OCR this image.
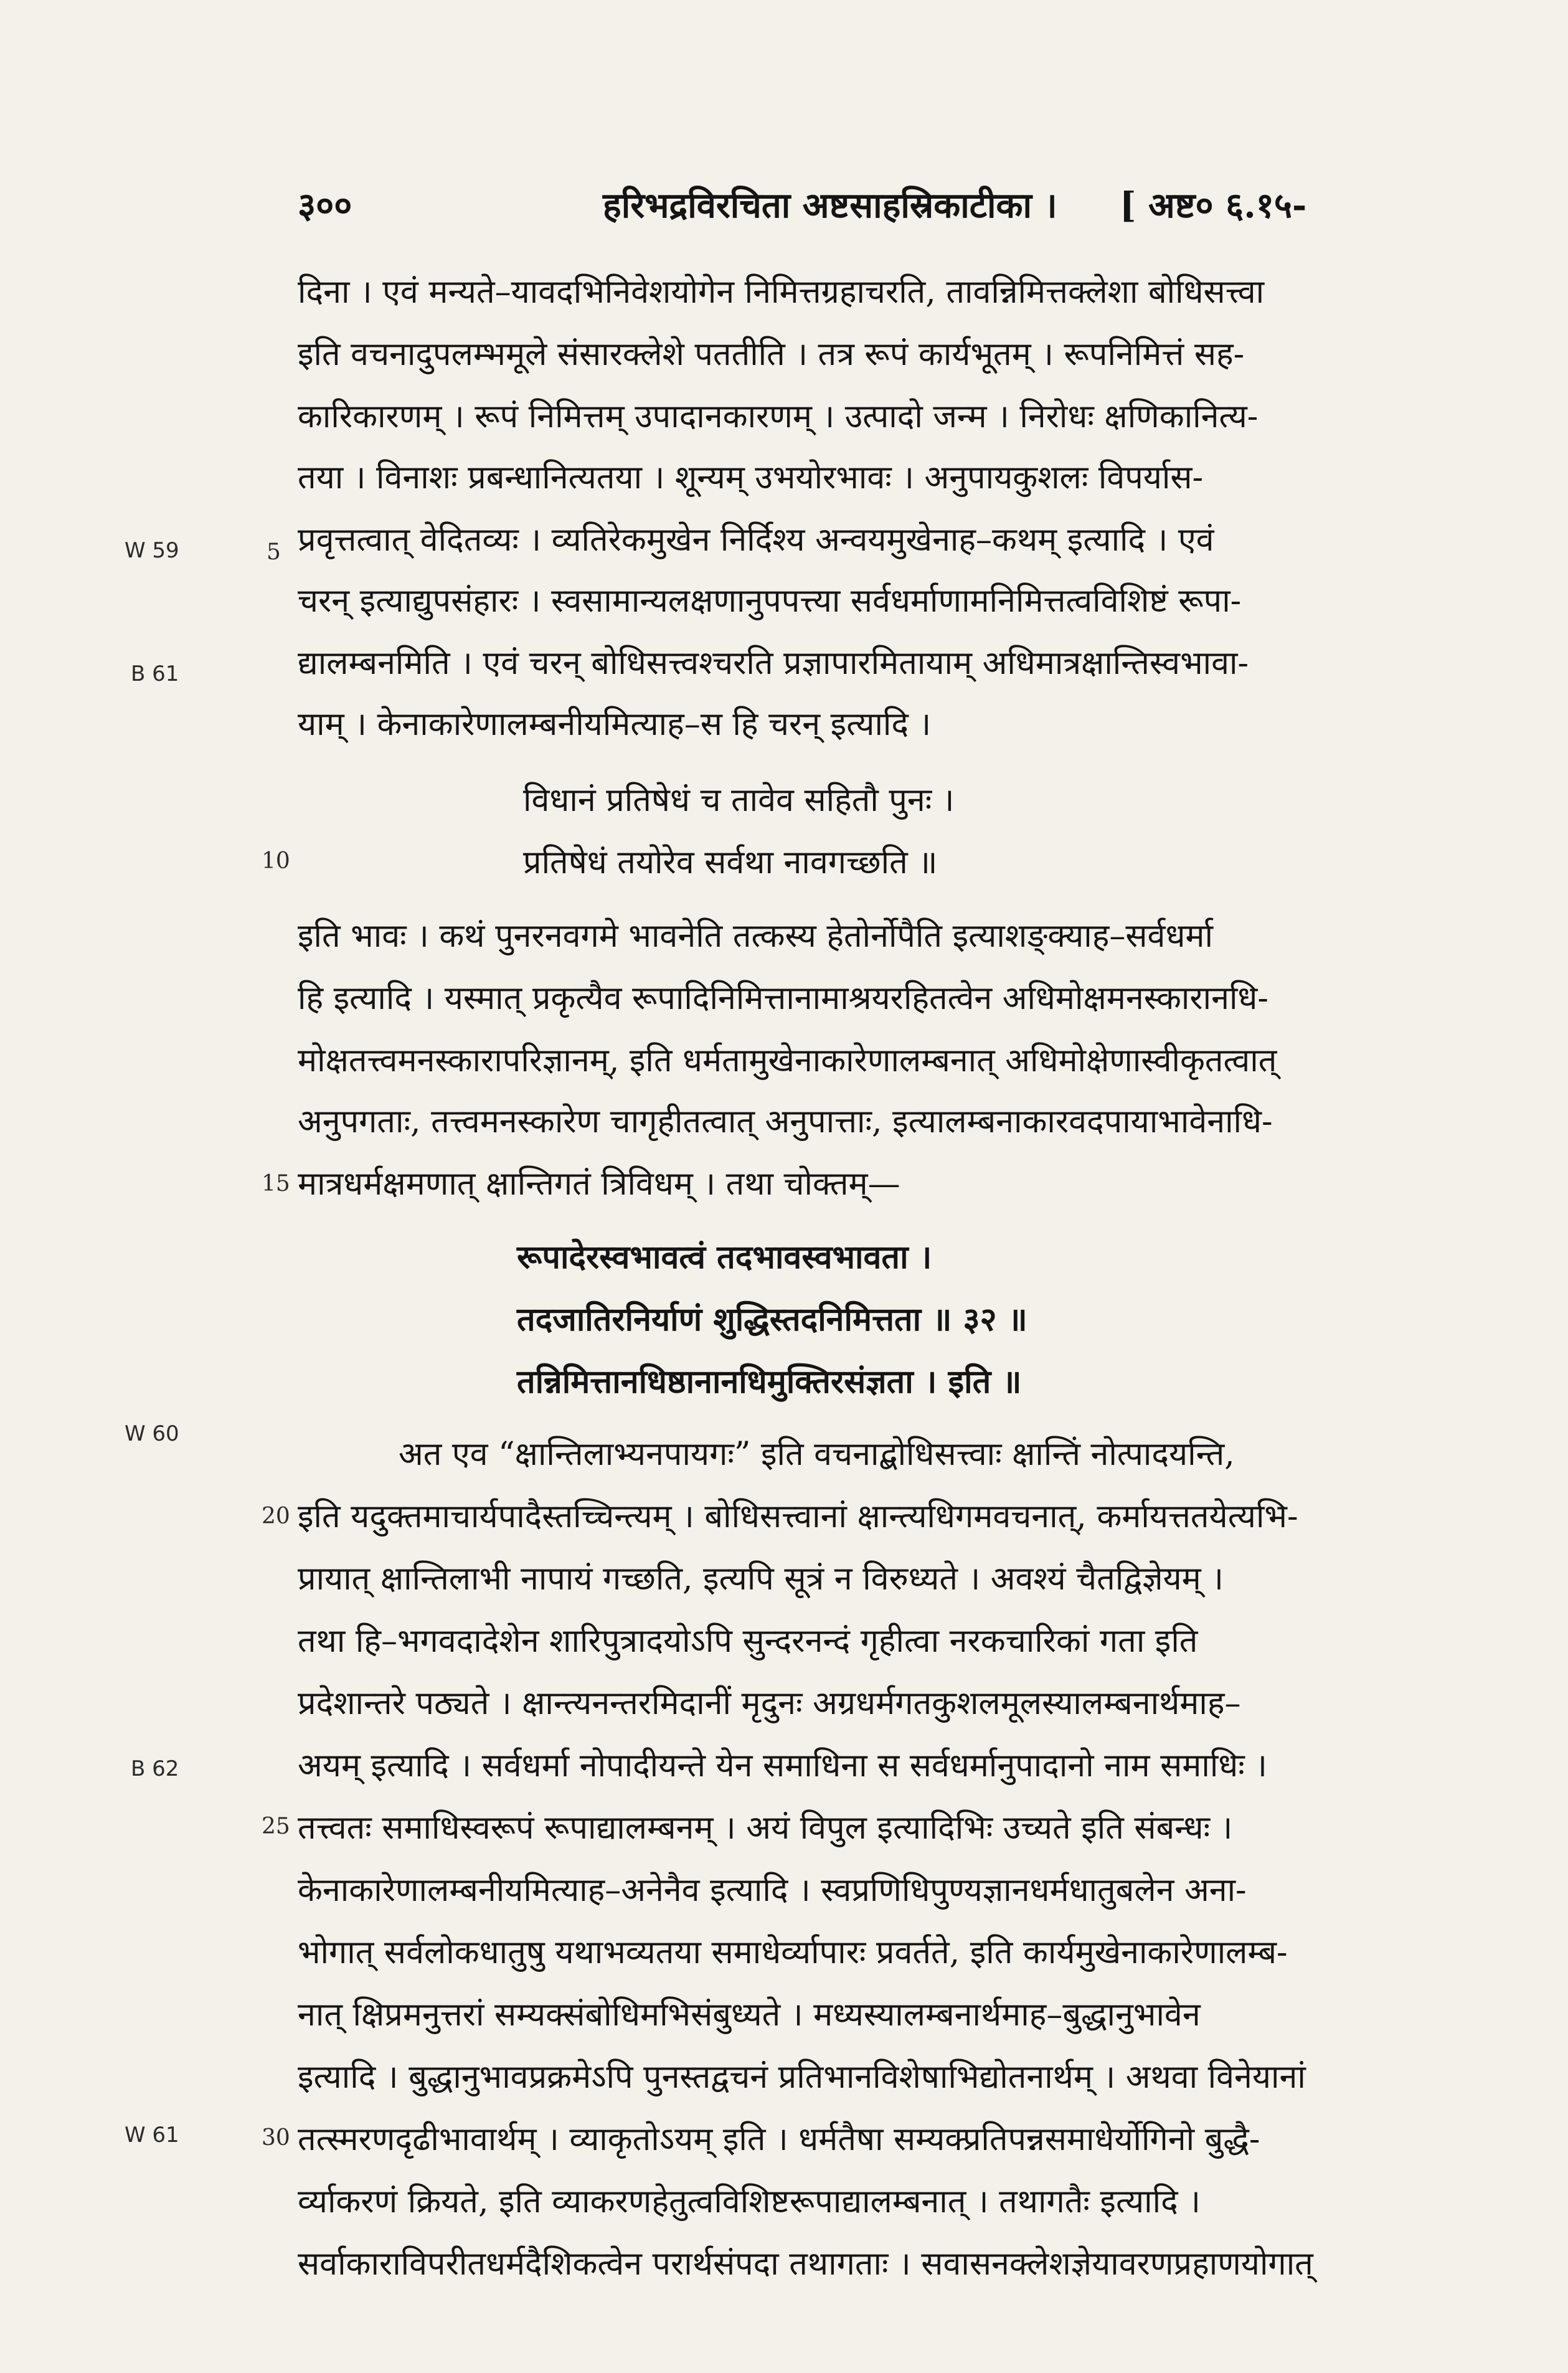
३००	हरिभद्रविरचिता अष्टसाहस्रिकाटीका । [ अष्ट० ६.१५-
W 59
B 61
W 60
B 62
W 61
5
10
15
20
25
30
दिना । एवं मन्यते–यावदभिनिवेशयोगेन निमित्तग्रहाचरति, तावन्निमित्तक्लेशा बोधिसत्त्वा
इति वचनादुपलम्भमूले संसारक्लेशे पततीति । तत्र रूपं कार्यभूतम् । रूपनिमित्तं सह-
कारिकारणम् । रूपं निमित्तम् उपादानकारणम् । उत्पादो जन्म । निरोधः क्षणिकानित्य-
तया । विनाशः प्रबन्धानित्यतया । शून्यम् उभयोरभावः । अनुपायकुशलः विपर्यास-
प्रवृत्तत्वात् वेदितव्यः । व्यतिरेकमुखेन निर्दिश्य अन्वयमुखेनाह–कथम् इत्यादि । एवं
चरन् इत्याद्युपसंहारः । स्वसामान्यलक्षणानुपपत्त्या सर्वधर्माणामनिमित्तत्वविशिष्टं रूपा-
द्यालम्बनमिति । एवं चरन् बोधिसत्त्वश्चरति प्रज्ञापारमितायाम् अधिमात्रक्षान्तिस्वभावा-
याम् । केनाकारेणालम्बनीयमित्याह–स हि चरन् इत्यादि ।
विधानं प्रतिषेधं च तावेव सहितौ पुनः ।
प्रतिषेधं तयोरेव सर्वथा नावगच्छति ॥
इति भावः । कथं पुनरनवगमे भावनेति तत्कस्य हेतोर्नोपैति इत्याशङ्क्याह–सर्वधर्मा
हि इत्यादि । यस्मात् प्रकृत्यैव रूपादिनिमित्तानामाश्रयरहितत्वेन अधिमोक्षमनस्कारानधि-
मोक्षतत्त्वमनस्कारापरिज्ञानम्, इति धर्मतामुखेनाकारेणालम्बनात् अधिमोक्षेणास्वीकृतत्वात्
अनुपगताः, तत्त्वमनस्कारेण चागृहीतत्वात् अनुपात्ताः, इत्यालम्बनाकारवदपायाभावेनाधि-
मात्रधर्मक्षमणात् क्षान्तिगतं त्रिविधम् । तथा चोक्तम्—
रूपादेरस्वभावत्वं तदभावस्वभावता ।
तदजातिरनिर्याणं शुद्धिस्तदनिमित्तता ॥ ३२ ॥
तन्निमित्तानधिष्ठानानधिमुक्तिरसंज्ञता । इति ॥
अत एव “क्षान्तिलाभ्यनपायगः” इति वचनाद्बोधिसत्त्वाः क्षान्तिं नोत्पादयन्ति,
इति यदुक्तमाचार्यपादैस्तच्चिन्त्यम् । बोधिसत्त्वानां क्षान्त्यधिगमवचनात्, कर्मायत्ततयेत्यभि-
प्रायात् क्षान्तिलाभी नापायं गच्छति, इत्यपि सूत्रं न विरुध्यते । अवश्यं चैतद्विज्ञेयम् ।
तथा हि–भगवदादेशेन शारिपुत्रादयोऽपि सुन्दरनन्दं गृहीत्वा नरकचारिकां गता इति
प्रदेशान्तरे पठ्यते । क्षान्त्यनन्तरमिदानीं मृदुनः अग्रधर्मगतकुशलमूलस्यालम्बनार्थमाह–
अयम् इत्यादि । सर्वधर्मा नोपादीयन्ते येन समाधिना स सर्वधर्मानुपादानो नाम समाधिः ।
तत्त्वतः समाधिस्वरूपं रूपाद्यालम्बनम् । अयं विपुल इत्यादिभिः उच्यते इति संबन्धः ।
केनाकारेणालम्बनीयमित्याह–अनेनैव इत्यादि । स्वप्रणिधिपुण्यज्ञानधर्मधातुबलेन अना-
भोगात् सर्वलोकधातुषु यथाभव्यतया समाधेर्व्यापारः प्रवर्तते, इति कार्यमुखेनाकारेणालम्ब-
नात् क्षिप्रमनुत्तरां सम्यक्संबोधिमभिसंबुध्यते । मध्यस्यालम्बनार्थमाह–बुद्धानुभावेन
इत्यादि । बुद्धानुभावप्रक्रमेऽपि पुनस्तद्वचनं प्रतिभानविशेषाभिद्योतनार्थम् । अथवा विनेयानां
तत्स्मरणदृढीभावार्थम् । व्याकृतोऽयम् इति । धर्मतैषा सम्यक्प्रतिपन्नसमाधेर्योगिनो बुद्धै-
र्व्याकरणं क्रियते, इति व्याकरणहेतुत्वविशिष्टरूपाद्यालम्बनात् । तथागतैः इत्यादि ।
सर्वाकाराविपरीतधर्मदैशिकत्वेन परार्थसंपदा तथागताः । सवासनक्लेशज्ञेयावरणप्रहाणयोगात्
